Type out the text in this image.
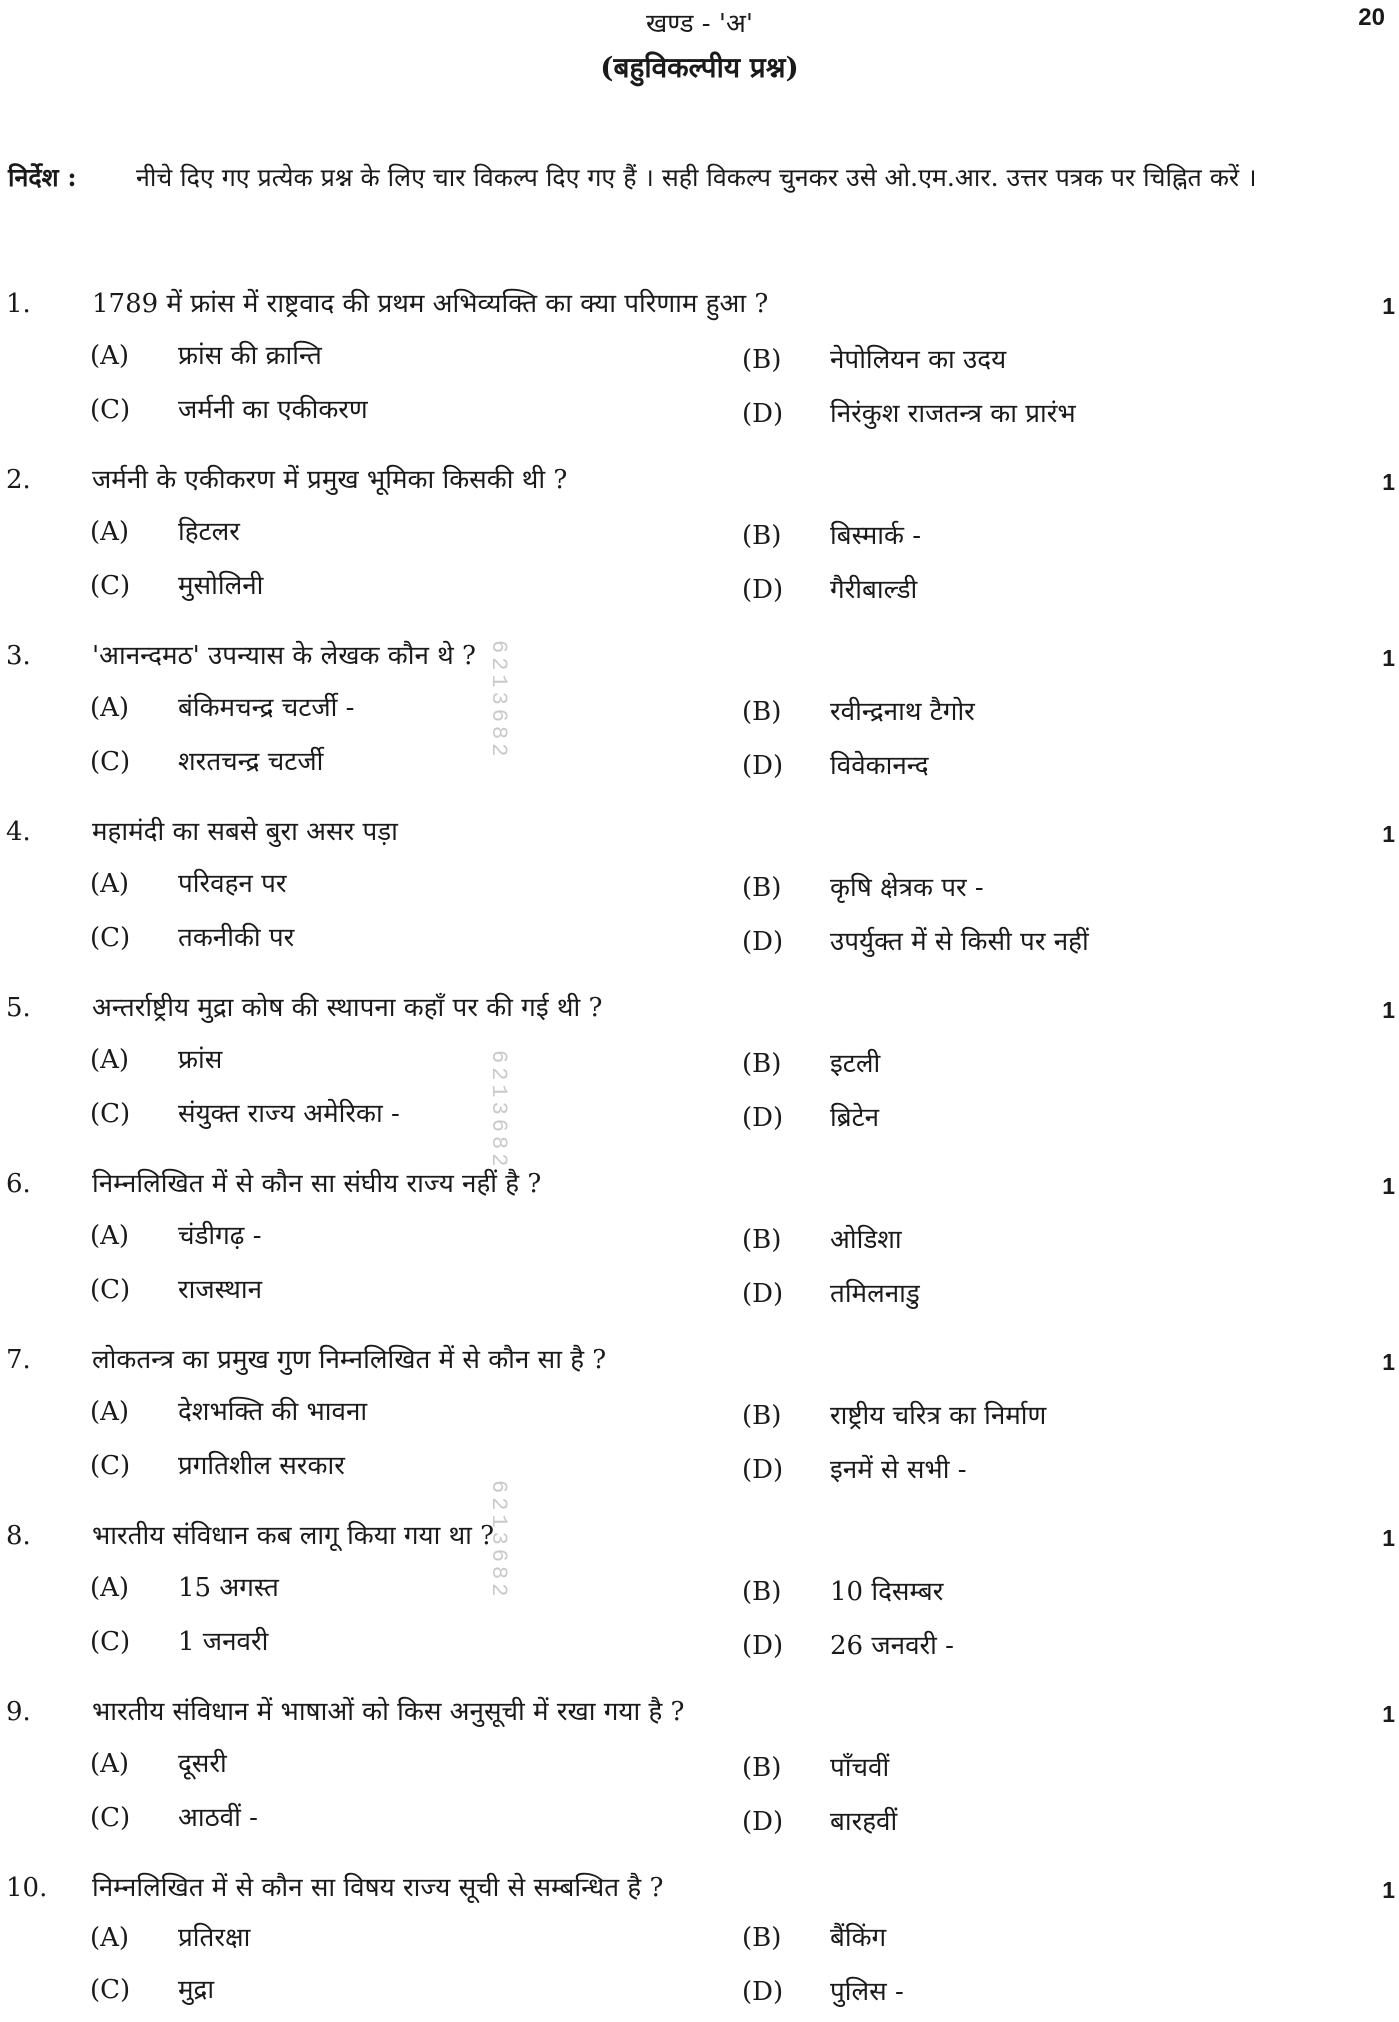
20
खण्ड - 'अ'
(बहुविकल्पीय प्रश्न)
निर्देश :	नीचे दिए गए प्रत्येक प्रश्न के लिए चार विकल्प दिए गए हैं । सही विकल्प चुनकर उसे ओ.एम.आर. उत्तर पत्रक पर चिह्नित करें ।
1. 1789 में फ्रांस में राष्ट्रवाद की प्रथम अभिव्यक्ति का क्या परिणाम हुआ ?	1
(A) फ्रांस की क्रान्ति	(B) नेपोलियन का उदय
(C) जर्मनी का एकीकरण	(D) निरंकुश राजतन्त्र का प्रारंभ
2. जर्मनी के एकीकरण में प्रमुख भूमिका किसकी थी ?	1
(A) हिटलर	(B) बिस्मार्क -
(C) मुसोलिनी	(D) गैरीबाल्डी
3. 'आनन्दमठ' उपन्यास के लेखक कौन थे ?	1
(A) बंकिमचन्द्र चटर्जी -	(B) रवीन्द्रनाथ टैगोर
(C) शरतचन्द्र चटर्जी	(D) विवेकानन्द
4. महामंदी का सबसे बुरा असर पड़ा	1
(A) परिवहन पर	(B) कृषि क्षेत्रक पर -
(C) तकनीकी पर	(D) उपर्युक्त में से किसी पर नहीं
5. अन्तर्राष्ट्रीय मुद्रा कोष की स्थापना कहाँ पर की गई थी ?	1
(A) फ्रांस	(B) इटली
(C) संयुक्त राज्य अमेरिका -	(D) ब्रिटेन
6. निम्नलिखित में से कौन सा संघीय राज्य नहीं है ?	1
(A) चंडीगढ़ -	(B) ओडिशा
(C) राजस्थान	(D) तमिलनाडु
7. लोकतन्त्र का प्रमुख गुण निम्नलिखित में से कौन सा है ?	1
(A) देशभक्ति की भावना	(B) राष्ट्रीय चरित्र का निर्माण
(C) प्रगतिशील सरकार	(D) इनमें से सभी -
8. भारतीय संविधान कब लागू किया गया था ?	1
(A) 15 अगस्त	(B) 10 दिसम्बर
(C) 1 जनवरी	(D) 26 जनवरी -
9. भारतीय संविधान में भाषाओं को किस अनुसूची में रखा गया है ?	1
(A) दूसरी	(B) पाँचवीं
(C) आठवीं -	(D) बारहवीं
10. निम्नलिखित में से कौन सा विषय राज्य सूची से सम्बन्धित है ?	1
(A) प्रतिरक्षा	(B) बैंकिंग
(C) मुद्रा	(D) पुलिस -
6213682
6213682
6213682
